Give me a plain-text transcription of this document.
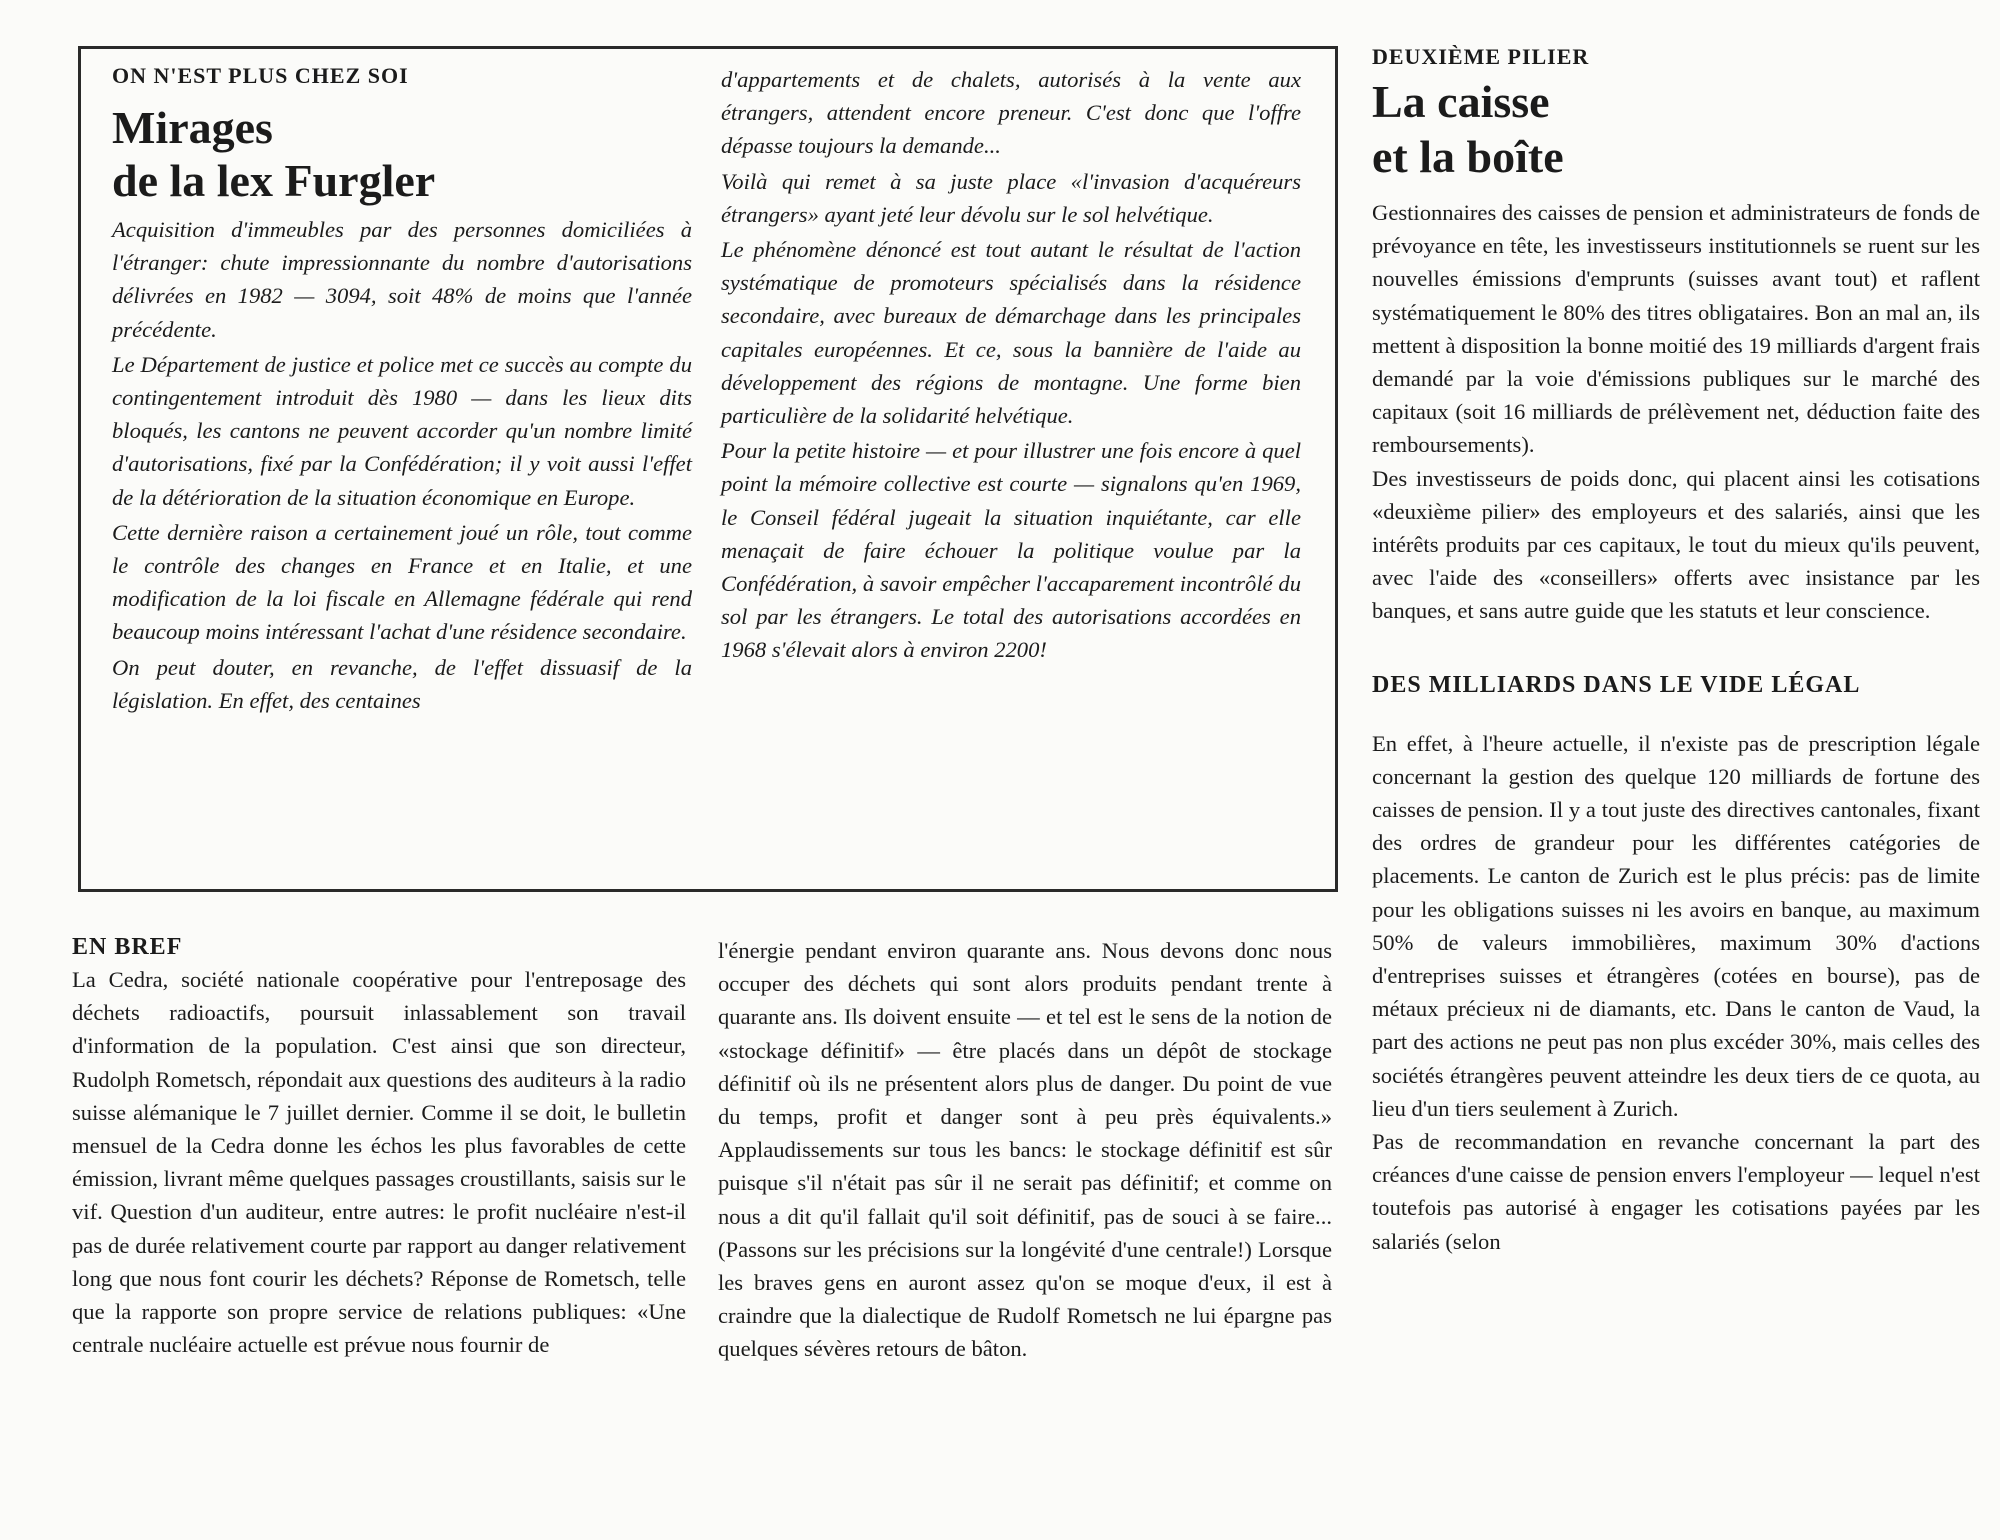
ON N'EST PLUS CHEZ SOI
Mirages
de la lex Furgler

Acquisition d'immeubles par des personnes domiciliées à l'étranger: chute impressionnante du nombre d'autorisations délivrées en 1982 — 3094, soit 48% de moins que l'année précédente.

Le Département de justice et police met ce succès au compte du contingentement introduit dès 1980 — dans les lieux dits bloqués, les cantons ne peuvent accorder qu'un nombre limité d'autorisations, fixé par la Confédération; il y voit aussi l'effet de la détérioration de la situation économique en Europe.

Cette dernière raison a certainement joué un rôle, tout comme le contrôle des changes en France et en Italie, et une modification de la loi fiscale en Allemagne fédérale qui rend beaucoup moins intéressant l'achat d'une résidence secondaire.

On peut douter, en revanche, de l'effet dissuasif de la législation. En effet, des centaines

d'appartements et de chalets, autorisés à la vente aux étrangers, attendent encore preneur. C'est donc que l'offre dépasse toujours la demande...

Voilà qui remet à sa juste place «l'invasion d'acquéreurs étrangers» ayant jeté leur dévolu sur le sol helvétique.

Le phénomène dénoncé est tout autant le résultat de l'action systématique de promoteurs spécialisés dans la résidence secondaire, avec bureaux de démarchage dans les principales capitales européennes. Et ce, sous la bannière de l'aide au développement des régions de montagne. Une forme bien particulière de la solidarité helvétique.

Pour la petite histoire — et pour illustrer une fois encore à quel point la mémoire collective est courte — signalons qu'en 1969, le Conseil fédéral jugeait la situation inquiétante, car elle menaçait de faire échouer la politique voulue par la Confédération, à savoir empêcher l'accaparement incontrôlé du sol par les étrangers. Le total des autorisations accordées en 1968 s'élevait alors à environ 2200!

EN BREF

La Cedra, société nationale coopérative pour l'entreposage des déchets radioactifs, poursuit inlassablement son travail d'information de la population. C'est ainsi que son directeur, Rudolph Rometsch, répondait aux questions des auditeurs à la radio suisse alémanique le 7 juillet dernier. Comme il se doit, le bulletin mensuel de la Cedra donne les échos les plus favorables de cette émission, livrant même quelques passages croustillants, saisis sur le vif. Question d'un auditeur, entre autres: le profit nucléaire n'est-il pas de durée relativement courte par rapport au danger relativement long que nous font courir les déchets? Réponse de Rometsch, telle que la rapporte son propre service de relations publiques: «Une centrale nucléaire actuelle est prévue nous fournir de

l'énergie pendant environ quarante ans. Nous devons donc nous occuper des déchets qui sont alors produits pendant trente à quarante ans. Ils doivent ensuite — et tel est le sens de la notion de «stockage définitif» — être placés dans un dépôt de stockage définitif où ils ne présentent alors plus de danger. Du point de vue du temps, profit et danger sont à peu près équivalents.» Applaudissements sur tous les bancs: le stockage définitif est sûr puisque s'il n'était pas sûr il ne serait pas définitif; et comme on nous a dit qu'il fallait qu'il soit définitif, pas de souci à se faire... (Passons sur les précisions sur la longévité d'une centrale!) Lorsque les braves gens en auront assez qu'on se moque d'eux, il est à craindre que la dialectique de Rudolf Rometsch ne lui épargne pas quelques sévères retours de bâton.

DEUXIÈME PILIER
La caisse
et la boîte

Gestionnaires des caisses de pension et administrateurs de fonds de prévoyance en tête, les investisseurs institutionnels se ruent sur les nouvelles émissions d'emprunts (suisses avant tout) et raflent systématiquement le 80% des titres obligataires. Bon an mal an, ils mettent à disposition la bonne moitié des 19 milliards d'argent frais demandé par la voie d'émissions publiques sur le marché des capitaux (soit 16 milliards de prélèvement net, déduction faite des remboursements).

Des investisseurs de poids donc, qui placent ainsi les cotisations «deuxième pilier» des employeurs et des salariés, ainsi que les intérêts produits par ces capitaux, le tout du mieux qu'ils peuvent, avec l'aide des «conseillers» offerts avec insistance par les banques, et sans autre guide que les statuts et leur conscience.

DES MILLIARDS DANS LE VIDE LÉGAL

En effet, à l'heure actuelle, il n'existe pas de prescription légale concernant la gestion des quelque 120 milliards de fortune des caisses de pension. Il y a tout juste des directives cantonales, fixant des ordres de grandeur pour les différentes catégories de placements. Le canton de Zurich est le plus précis: pas de limite pour les obligations suisses ni les avoirs en banque, au maximum 50% de valeurs immobilières, maximum 30% d'actions d'entreprises suisses et étrangères (cotées en bourse), pas de métaux précieux ni de diamants, etc. Dans le canton de Vaud, la part des actions ne peut pas non plus excéder 30%, mais celles des sociétés étrangères peuvent atteindre les deux tiers de ce quota, au lieu d'un tiers seulement à Zurich.

Pas de recommandation en revanche concernant la part des créances d'une caisse de pension envers l'employeur — lequel n'est toutefois pas autorisé à engager les cotisations payées par les salariés (selon
